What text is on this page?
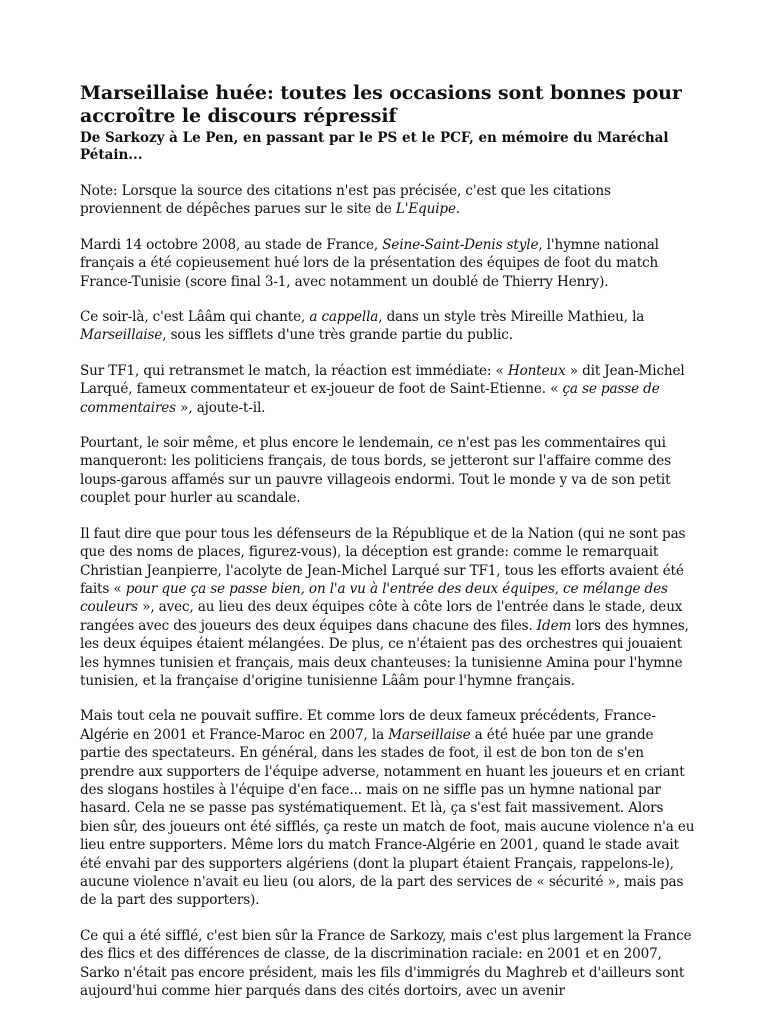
Marseillaise huée: toutes les occasions sont bonnes pour accroître le discours répressif
De Sarkozy à Le Pen, en passant par le PS et le PCF, en mémoire du Maréchal Pétain...

Note: Lorsque la source des citations n'est pas précisée, c'est que les citations proviennent de dépêches parues sur le site de L'Equipe.

Mardi 14 octobre 2008, au stade de France, Seine-Saint-Denis style, l'hymne national français a été copieusement hué lors de la présentation des équipes de foot du match France-Tunisie (score final 3-1, avec notamment un doublé de Thierry Henry).

Ce soir-là, c'est Lââm qui chante, a cappella, dans un style très Mireille Mathieu, la Marseillaise, sous les sifflets d'une très grande partie du public.

Sur TF1, qui retransmet le match, la réaction est immédiate: « Honteux » dit Jean-Michel Larqué, fameux commentateur et ex-joueur de foot de Saint-Etienne. « ça se passe de commentaires », ajoute-t-il.

Pourtant, le soir même, et plus encore le lendemain, ce n'est pas les commentaires qui manqueront: les politiciens français, de tous bords, se jetteront sur l'affaire comme des loups-garous affamés sur un pauvre villageois endormi. Tout le monde y va de son petit couplet pour hurler au scandale.

Il faut dire que pour tous les défenseurs de la République et de la Nation (qui ne sont pas que des noms de places, figurez-vous), la déception est grande: comme le remarquait Christian Jeanpierre, l'acolyte de Jean-Michel Larqué sur TF1, tous les efforts avaient été faits « pour que ça se passe bien, on l'a vu à l'entrée des deux équipes, ce mélange des couleurs », avec, au lieu des deux équipes côte à côte lors de l'entrée dans le stade, deux rangées avec des joueurs des deux équipes dans chacune des files. Idem lors des hymnes, les deux équipes étaient mélangées. De plus, ce n'étaient pas des orchestres qui jouaient les hymnes tunisien et français, mais deux chanteuses: la tunisienne Amina pour l'hymne tunisien, et la française d'origine tunisienne Lââm pour l'hymne français.

Mais tout cela ne pouvait suffire. Et comme lors de deux fameux précédents, France-Algérie en 2001 et France-Maroc en 2007, la Marseillaise a été huée par une grande partie des spectateurs. En général, dans les stades de foot, il est de bon ton de s'en prendre aux supporters de l'équipe adverse, notamment en huant les joueurs et en criant des slogans hostiles à l'équipe d'en face... mais on ne siffle pas un hymne national par hasard. Cela ne se passe pas systématiquement. Et là, ça s'est fait massivement. Alors bien sûr, des joueurs ont été sifflés, ça reste un match de foot, mais aucune violence n'a eu lieu entre supporters. Même lors du match France-Algérie en 2001, quand le stade avait été envahi par des supporters algériens (dont la plupart étaient Français, rappelons-le), aucune violence n'avait eu lieu (ou alors, de la part des services de « sécurité », mais pas de la part des supporters).

Ce qui a été sifflé, c'est bien sûr la France de Sarkozy, mais c'est plus largement la France des flics et des différences de classe, de la discrimination raciale: en 2001 et en 2007, Sarko n'était pas encore président, mais les fils d'immigrés du Maghreb et d'ailleurs sont aujourd'hui comme hier parqués dans des cités dortoirs, avec un avenir
